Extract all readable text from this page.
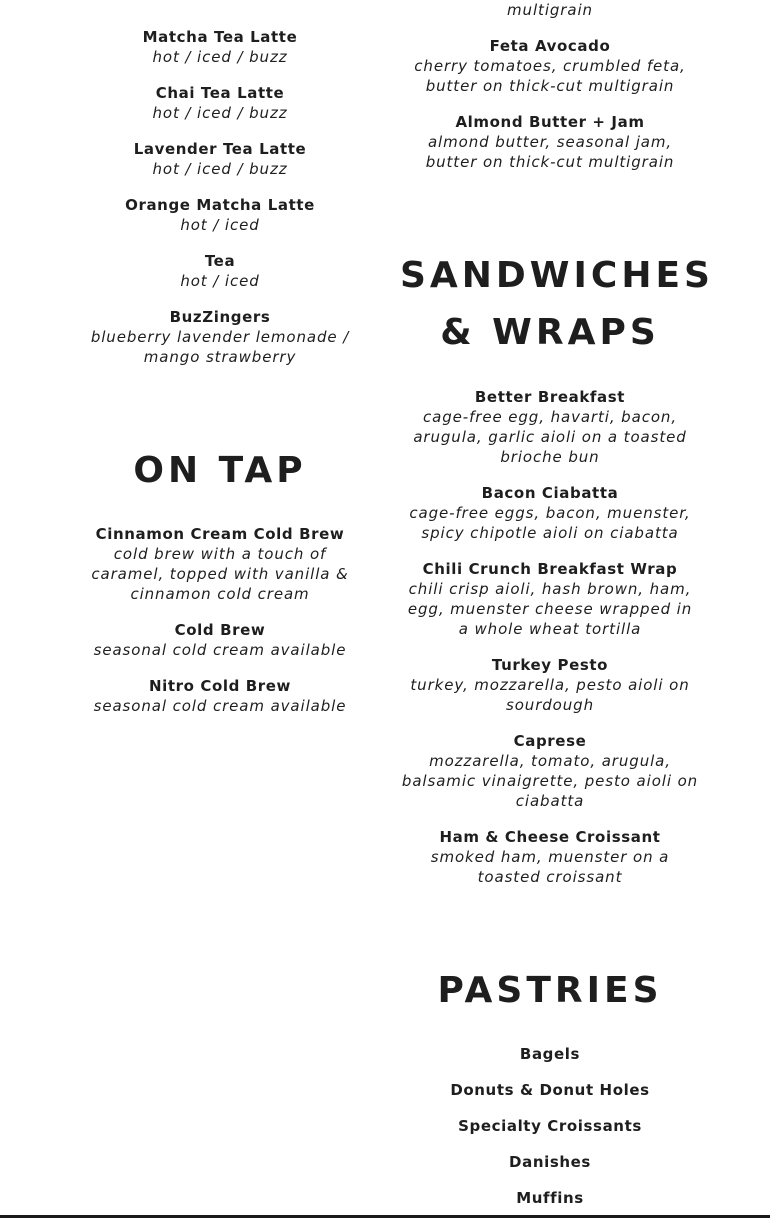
Matcha Tea Latte
hot / iced / buzz
Chai Tea Latte
hot / iced / buzz
Lavender Tea Latte
hot / iced / buzz
Orange Matcha Latte
hot / iced
Tea
hot / iced
BuzZingers
blueberry lavender lemonade / mango strawberry
ON TAP
Cinnamon Cream Cold Brew
cold brew with a touch of caramel, topped with vanilla & cinnamon cold cream
Cold Brew
seasonal cold cream available
Nitro Cold Brew
seasonal cold cream available
multigrain
Feta Avocado
cherry tomatoes, crumbled feta, butter on thick-cut multigrain
Almond Butter + Jam
almond butter, seasonal jam, butter on thick-cut multigrain
SANDWICHES
& WRAPS
Better Breakfast
cage-free egg, havarti, bacon, arugula, garlic aioli on a toasted brioche bun
Bacon Ciabatta
cage-free eggs, bacon, muenster, spicy chipotle aioli on ciabatta
Chili Crunch Breakfast Wrap
chili crisp aioli, hash brown, ham, egg, muenster cheese wrapped in a whole wheat tortilla
Turkey Pesto
turkey, mozzarella, pesto aioli on sourdough
Caprese
mozzarella, tomato, arugula, balsamic vinaigrette, pesto aioli on ciabatta
Ham & Cheese Croissant
smoked ham, muenster on a toasted croissant
PASTRIES
Bagels
Donuts & Donut Holes
Specialty Croissants
Danishes
Muffins
